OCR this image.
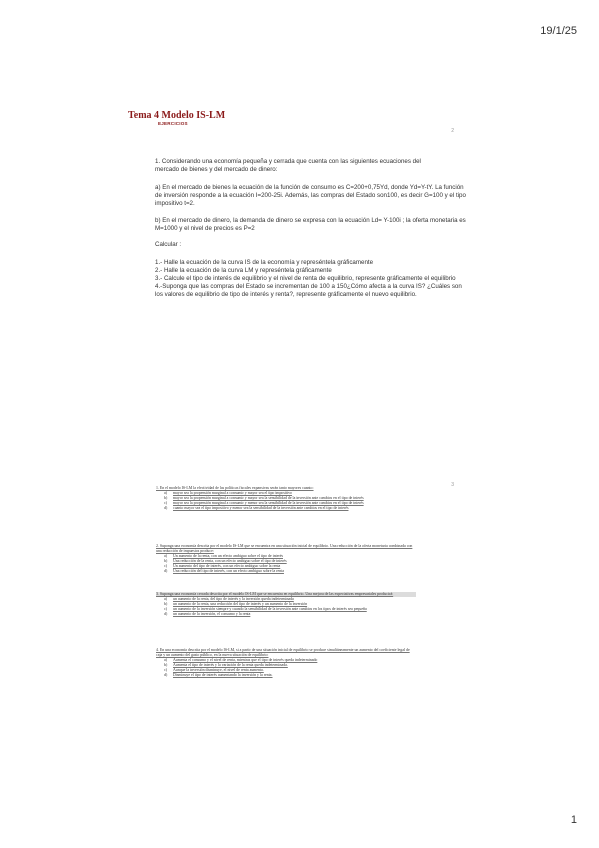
19/1/25
Tema 4 Modelo IS-LM
EJERCICIOS
2
1. Considerando una economía pequeña y cerrada que cuenta con las siguientes ecuaciones del mercado de bienes y del mercado de dinero:
a) En el mercado de bienes la ecuación de la función de consumo es C=200+0,75Yd, donde Yd=Y-tY. La función de inversión responde a la ecuación I=200-25i. Además, las compras del Estado son100, es decir G=100 y el tipo impositivo t=2.
b) En el mercado de dinero, la demanda de dinero se expresa con la ecuación Ld= Y-100i ; la oferta monetaria es M=1000 y el nivel de precios es P=2
Calcular :
1.- Halle la ecuación de la curva IS de la economía y represéntela gráficamente
2.- Halle la ecuación de la curva LM y represéntela gráficamente
3.- Calcule el tipo de interés de equilibrio y el nivel de renta de equilibrio, represente gráficamente el equilibrio
4.-Suponga que las compras del Estado se incrementan de 100 a 150¿Cómo afecta a la curva IS? ¿Cuáles son los valores de equilibrio de tipo de interés y renta?, represente gráficamente el nuevo equilibrio.
3

1. En el modelo IS-LM la efectividad de las políticas fiscales expansivas serán tanto mayores cuanto:

a)	mayor sea la propensión marginal a consumir y mayor sea el tipo impositivo
b)	mayor sea la propensión marginal a consumir y mayor sea la sensibilidad de la inversión ante cambios en el tipo de interés
c)	mayor sea la propensión marginal a consumir y menor sea la sensibilidad de la inversión ante cambios en el tipo de interés
d)	cuanto mayor sea el tipo impositivo y menor sea la sensibilidad de la inversión ante cambios en el tipo de interés

2. Suponga una economía descrita por el modelo IS-LM que se encuentra en una situación inicial de equilibrio. Una reducción de la oferta monetaria combinada con una reducción de impuestos produce:

a)	Un aumento de la renta, con un efecto ambiguo sobre el tipo de interés
b)	Una reducción de la renta, con un efecto ambiguo sobre el tipo de interés
c)	Un aumento del tipo de interés, con un efecto ambiguo sobre la renta
d)	Una reducción del tipo de interés, con un efecto ambiguo sobre la renta

3. Suponga una economía cerrada descrita por el modelo IS-LM que se encuentra en equilibrio. Una mejora de las expectativas empresariales producirá:

a)	un aumento de la renta, del tipo de interés y la inversión queda indeterminada
b)	un aumento de la renta, una reducción del tipo de interés y un aumento de la inversión
c)	un aumento de la inversión siempre y cuando la sensibilidad de la inversión ante cambios en los tipos de interés sea pequeña
d)	un aumento de la inversión, el consumo y la renta

4. En una economía descrita por el modelo IS-LM, si a partir de una situación inicial de equilibrio se produce simultáneamente un aumento del coeficiente legal de caja y un aumento del gasto público, en la nueva situación de equilibrio:

a)	Aumenta el consumo y el nivel de renta, mientras que el tipo de interés queda indeterminado
b)	Aumenta el tipo de interés y la variación de la renta queda indeterminada.
c)	Aunque la inversión disminuye, el nivel de renta aumenta.
d)	Disminuye el tipo de interés aumentando la inversión y la renta.
1
